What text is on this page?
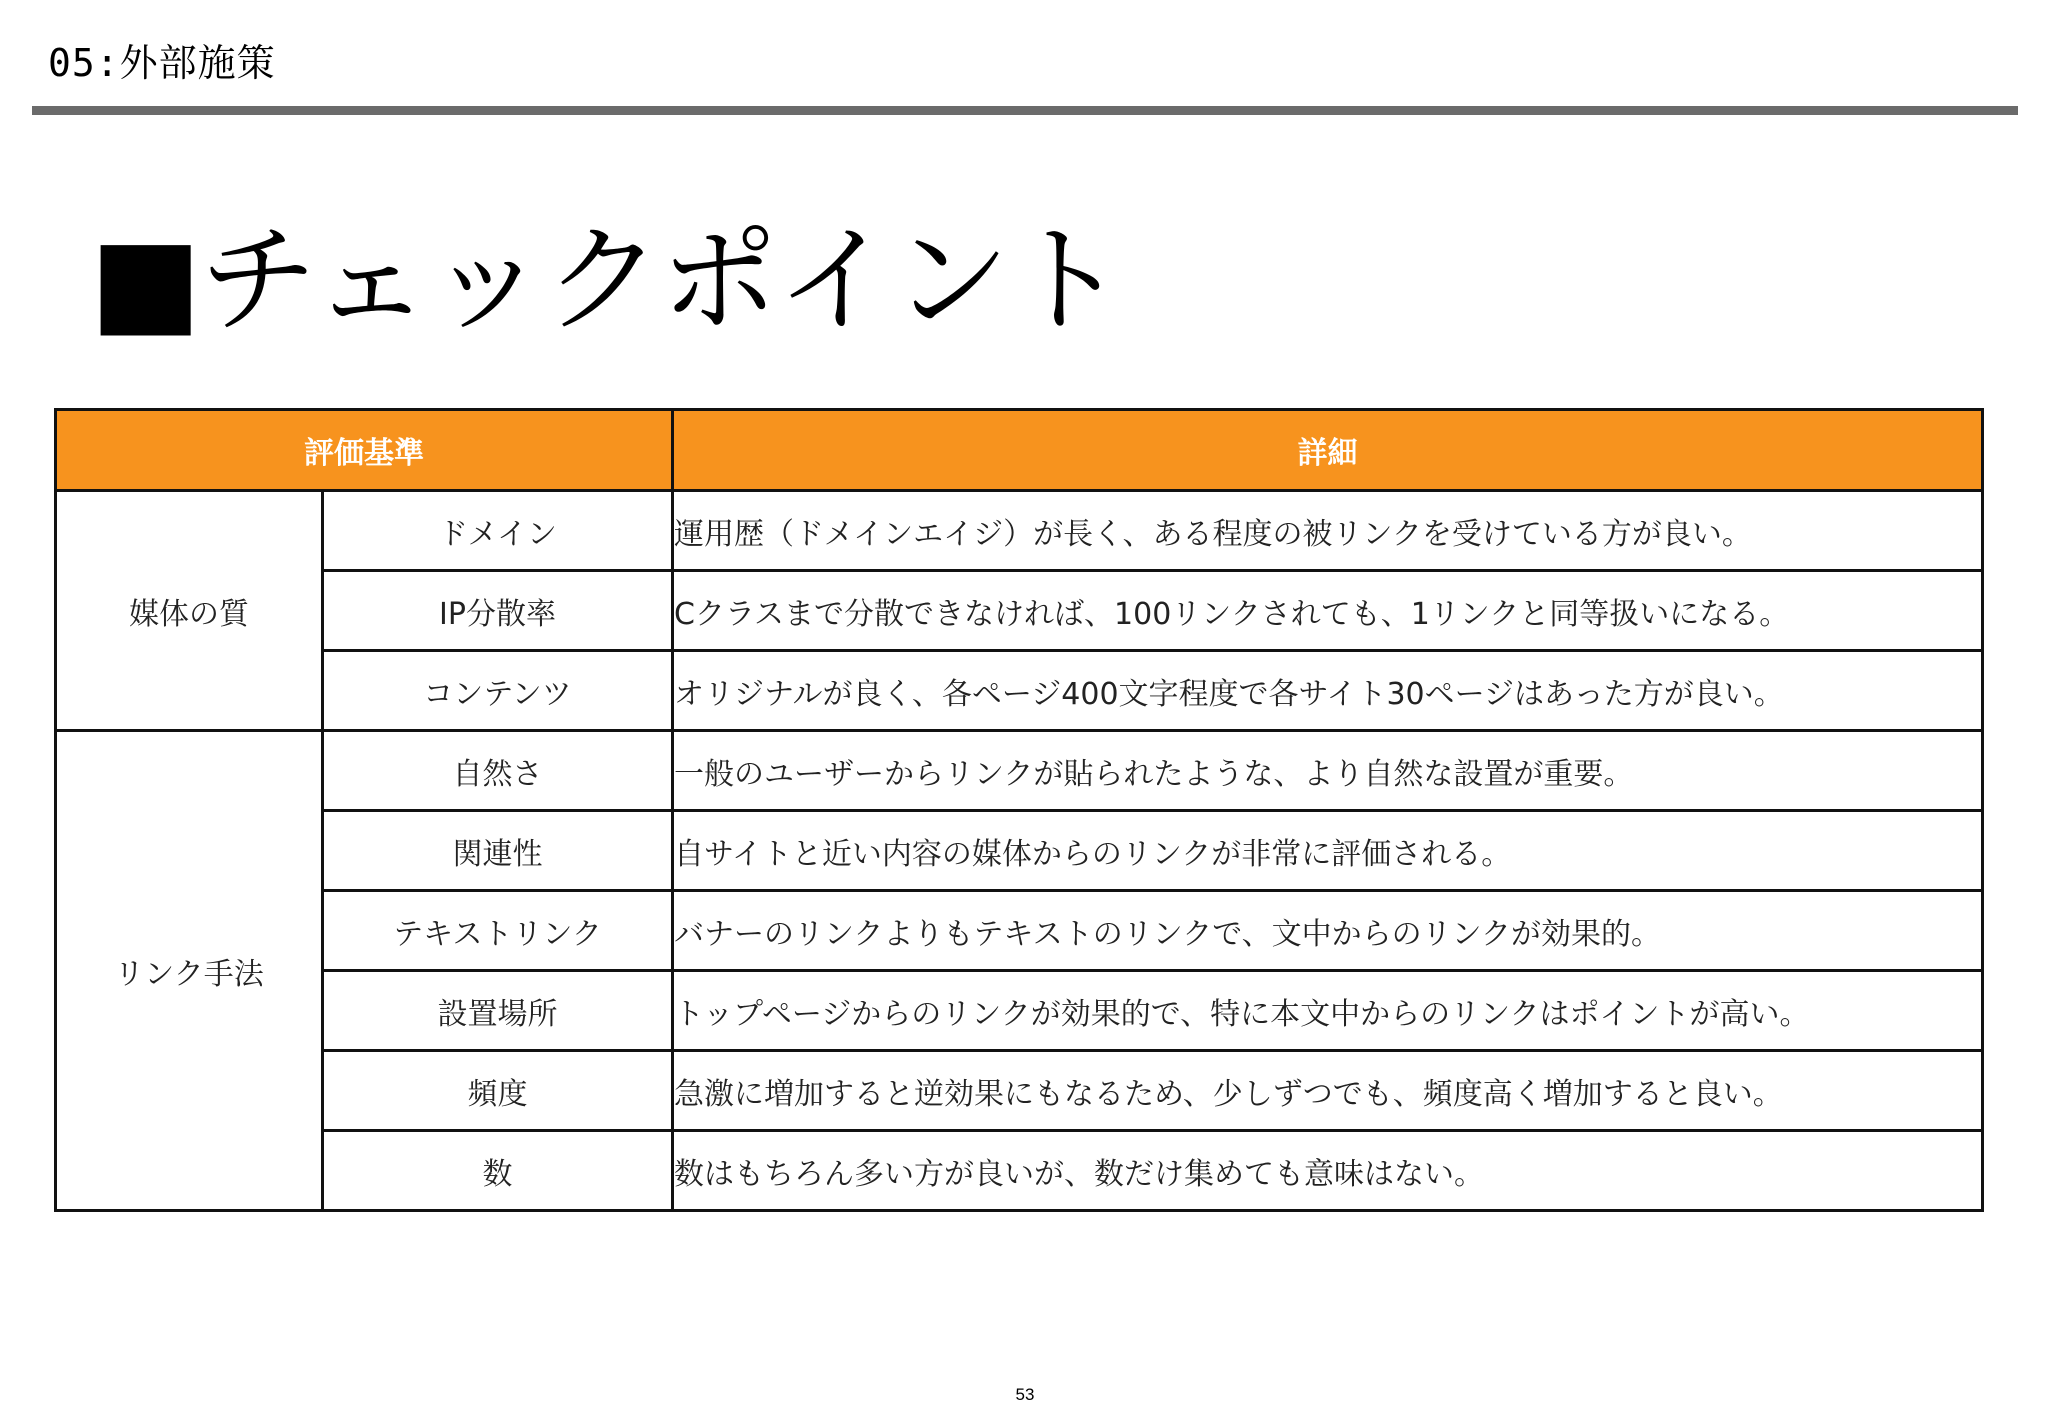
05:外部施策
■チェックポイント
評価基準		詳細
媒体の質	ドメイン	運用歴（ドメインエイジ）が長く、ある程度の被リンクを受けている方が良い。
	IP分散率	Cクラスまで分散できなければ、100リンクされても、1リンクと同等扱いになる。
	コンテンツ	オリジナルが良く、各ページ400文字程度で各サイト30ページはあった方が良い。
リンク手法	自然さ	一般のユーザーからリンクが貼られたような、より自然な設置が重要。
	関連性	自サイトと近い内容の媒体からのリンクが非常に評価される。
	テキストリンク	バナーのリンクよりもテキストのリンクで、文中からのリンクが効果的。
	設置場所	トップページからのリンクが効果的で、特に本文中からのリンクはポイントが高い。
	頻度	急激に増加すると逆効果にもなるため、少しずつでも、頻度高く増加すると良い。
	数	数はもちろん多い方が良いが、数だけ集めても意味はない。
53
